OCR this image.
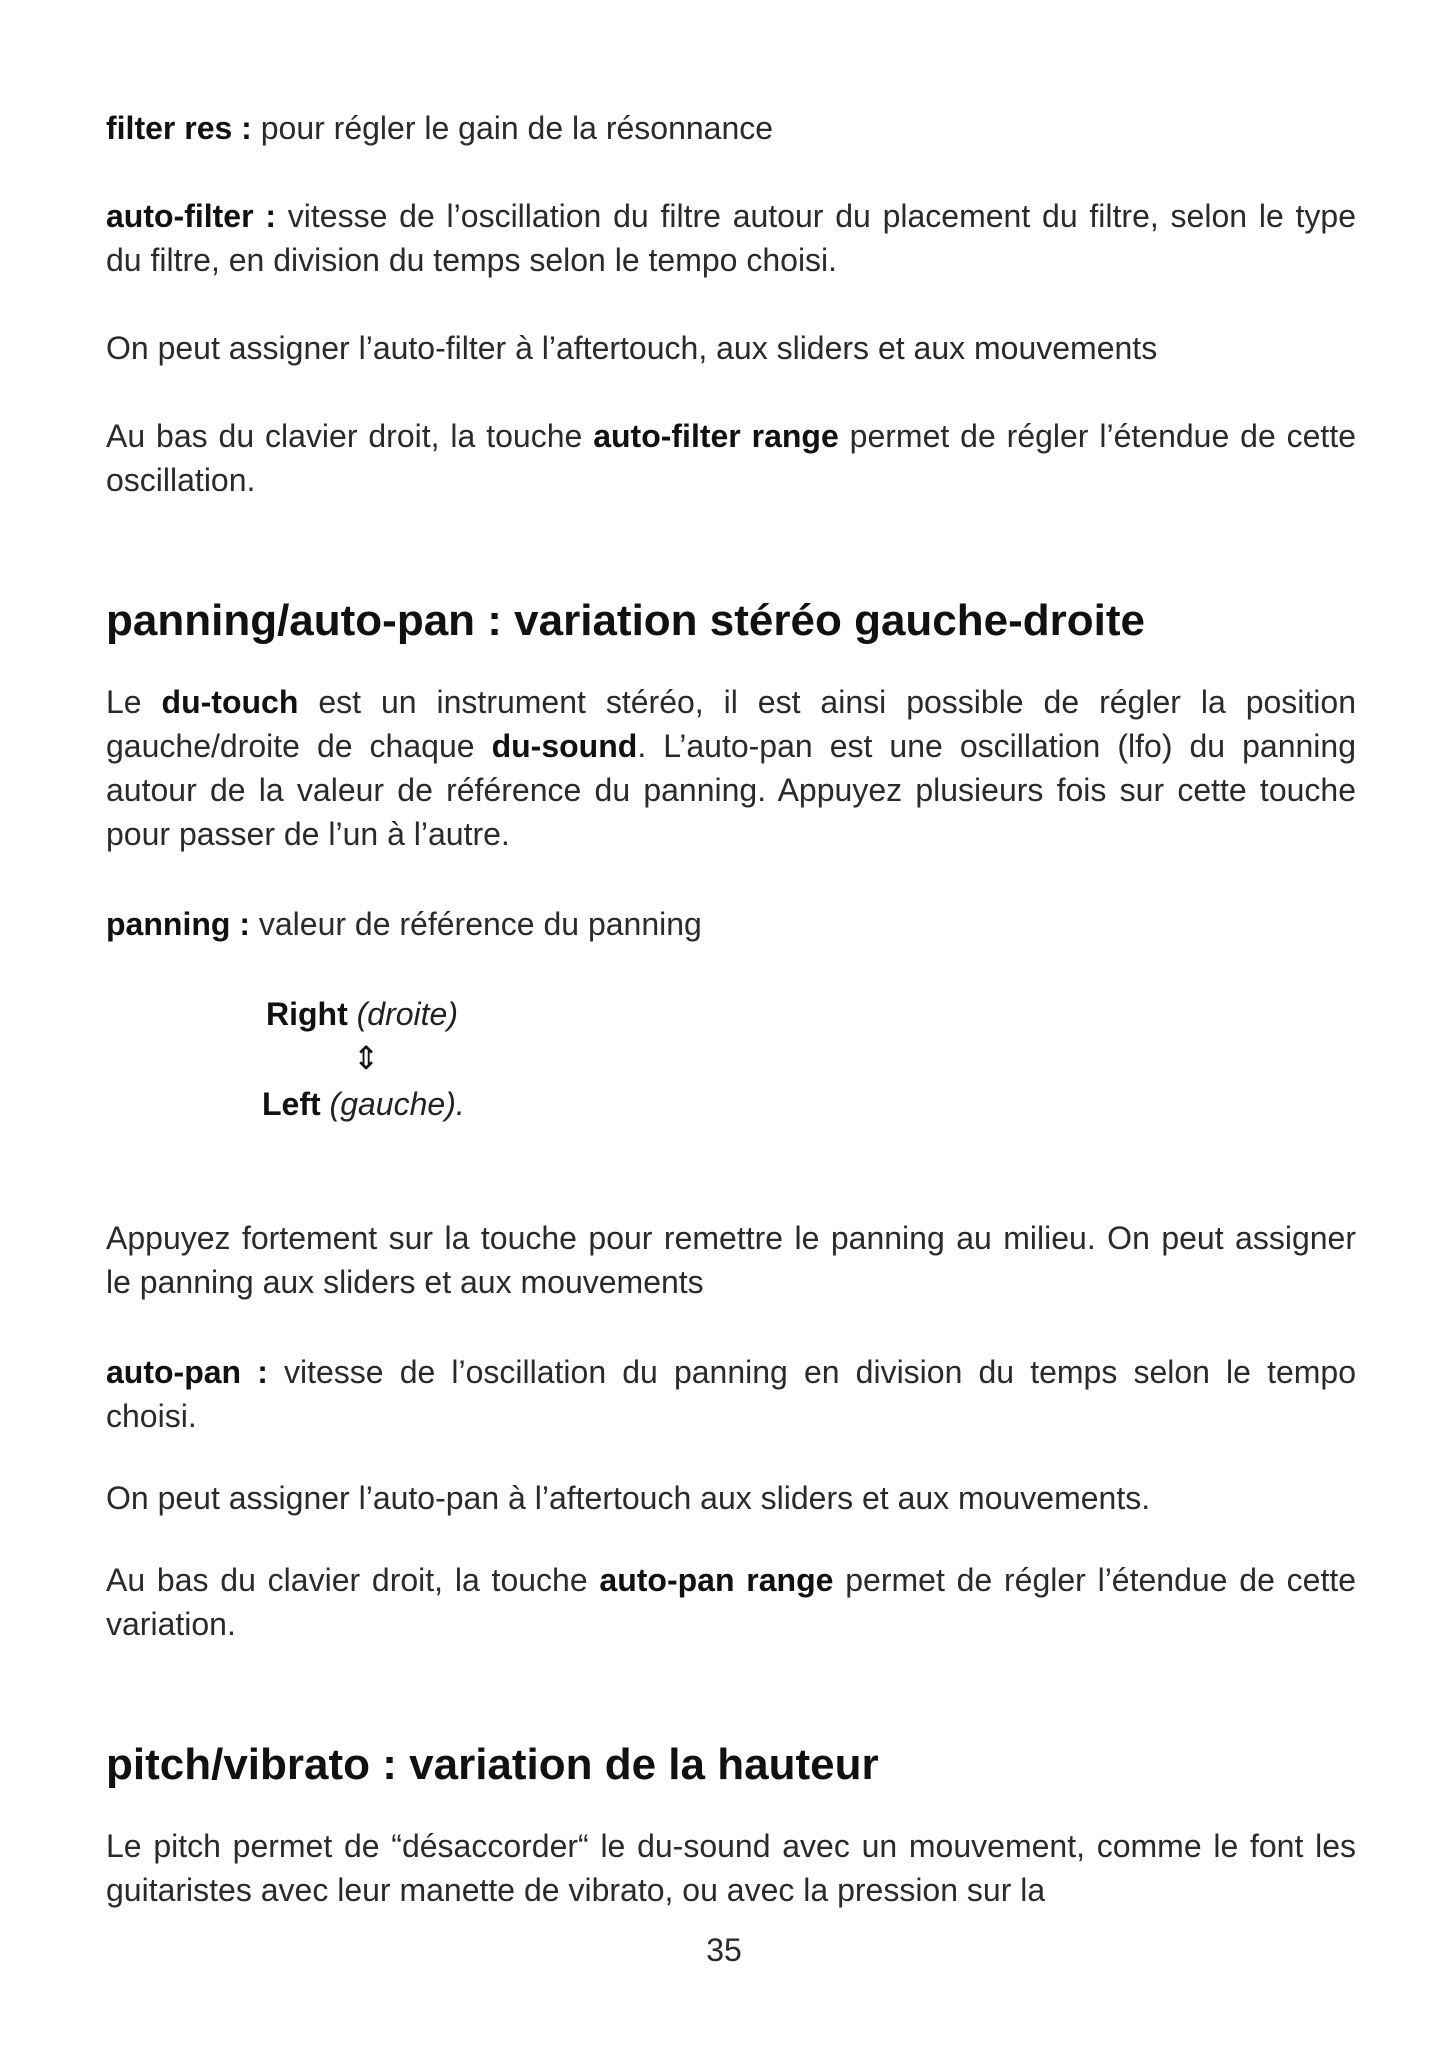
filter res : pour régler le gain de la résonnance

auto-filter : vitesse de l’oscillation du filtre autour du placement du filtre, selon le type du filtre, en division du temps selon le tempo choisi.

On peut assigner l’auto-filter à l’aftertouch, aux sliders et aux mouvements

Au bas du clavier droit, la touche auto-filter range permet de régler l’étendue de cette oscillation.

panning/auto-pan : variation stéréo gauche-droite

Le du-touch est un instrument stéréo, il est ainsi possible de régler la position gauche/droite de chaque du-sound. L’auto-pan est une oscillation (lfo) du panning autour de la valeur de référence du panning. Appuyez plusieurs fois sur cette touche pour passer de l’un à l’autre.

panning : valeur de référence du panning

Right (droite)
⇕
Left (gauche).

Appuyez fortement sur la touche pour remettre le panning au milieu. On peut assigner le panning aux sliders et aux mouvements

auto-pan : vitesse de l’oscillation du panning en division du temps selon le tempo choisi.

On peut assigner l’auto-pan à l’aftertouch aux sliders et aux mouvements.

Au bas du clavier droit, la touche auto-pan range permet de régler l’étendue de cette variation.

pitch/vibrato : variation de la hauteur

Le pitch permet de “désaccorder“ le du-sound avec un mouvement, comme le font les guitaristes avec leur manette de vibrato, ou avec la pression sur la

35
